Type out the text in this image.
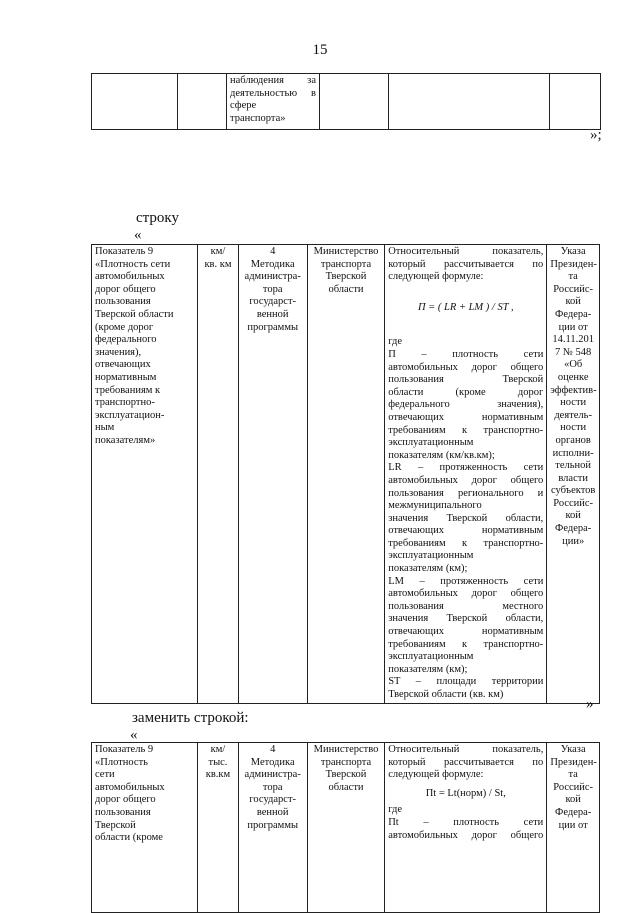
15

наблюдения за
деятельностью в
сфере
транспорта»

»;
строку
«
Показатель 9
«Плотность сети
автомобильных
дорог общего
пользования
Тверской области
(кроме дорог
федерального
значения),
отвечающих
нормативным
требованиям к
транспортно-
эксплуатацион-
ным
показателям»

км/
кв. км

4
Методика
администра-
тора
государст-
венной
программы

Министерство
транспорта
Тверской
области

Относительный показатель,
который рассчитывается по
следующей формуле:
П = ( LR + LM ) / ST ,
где
П – плотность сети
автомобильных дорог общего
пользования Тверской
области (кроме дорог
федерального значения),
отвечающих нормативным
требованиям к транспортно-
эксплуатационным
показателям (км/кв.км);
LR – протяженность сети
автомобильных дорог общего
пользования регионального и
межмуниципального
значения Тверской области,
отвечающих нормативным
требованиям к транспортно-
эксплуатационным
показателям (км);
LM – протяженность сети
автомобильных дорог общего
пользования местного
значения Тверской области,
отвечающих нормативным
требованиям к транспортно-
эксплуатационным
показателям (км);
ST – площади территории
Тверской области (кв. км)

Указа
Президен-
та
Российс-
кой
Федера-
ции от
14.11.201
7 № 548
«Об оценке
эффектив-
ности
деятель-
ности
органов
исполни-
тельной
власти
субъектов
Российс-
кой
Федера-
ции»
»
заменить строкой:
«
Показатель 9
«Плотность
сети
автомобильных
дорог общего
пользования
Тверской
области (кроме

км/
тыс.
кв.км

4
Методика
администра-
тора
государст-
венной
программы

Министерство
транспорта
Тверской
области

Относительный показатель,
который рассчитывается по
следующей формуле:
Пt = Lt(норм) / St,
где
Пt – плотность сети
автомобильных дорог общего

Указа
Президен-
та
Российс-
кой
Федера-
ции от
